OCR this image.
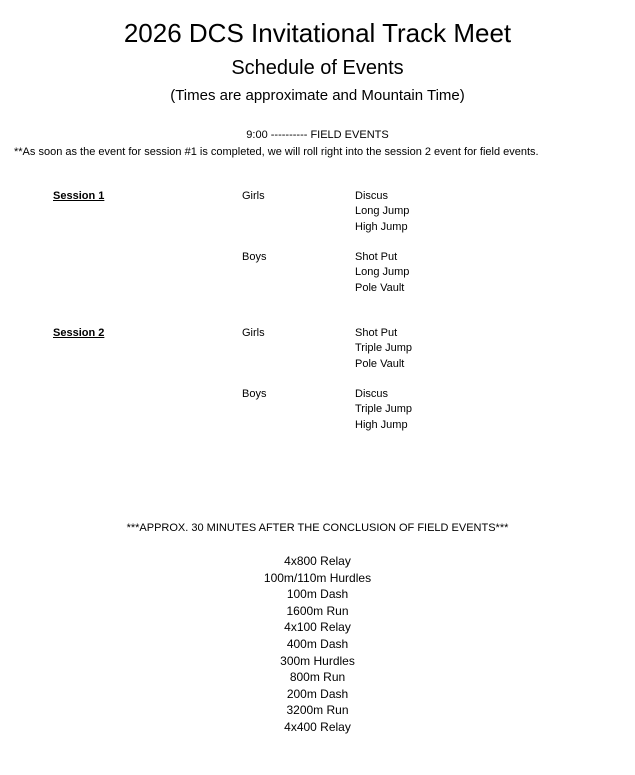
2026 DCS Invitational Track Meet
Schedule of Events
(Times are approximate and Mountain Time)
9:00 ---------- FIELD EVENTS
**As soon as the event for session #1 is completed, we will roll right into the session 2 event for field events.
Session 1	Girls	Discus
Long Jump
High Jump
Boys	Shot Put
Long Jump
Pole Vault
Session 2	Girls	Shot Put
Triple Jump
Pole Vault
Boys	Discus
Triple Jump
High Jump
***APPROX. 30 MINUTES AFTER THE CONCLUSION OF FIELD EVENTS***
4x800 Relay
100m/110m Hurdles
100m Dash
1600m Run
4x100 Relay
400m Dash
300m Hurdles
800m Run
200m Dash
3200m Run
4x400 Relay
